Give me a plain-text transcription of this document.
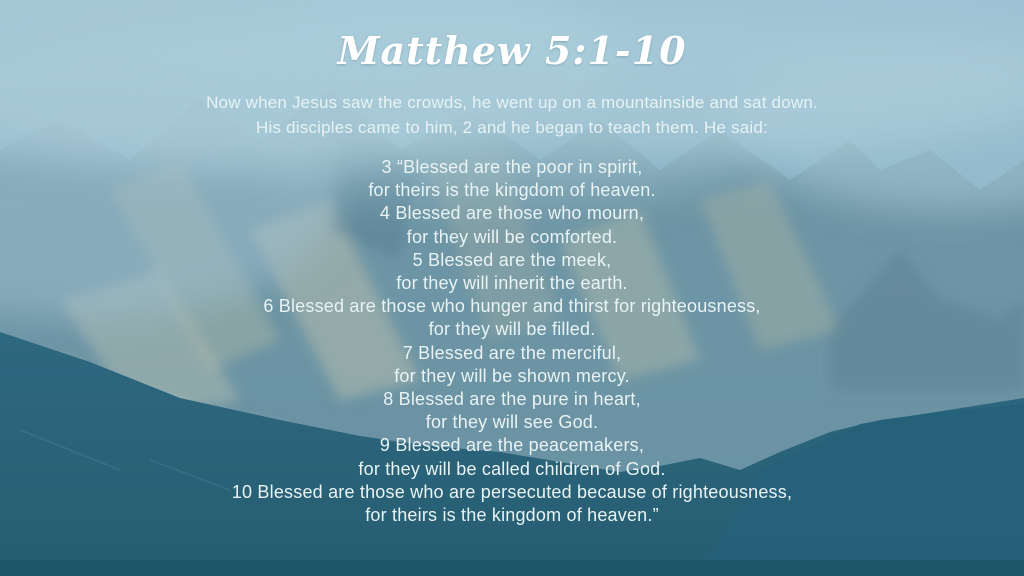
Matthew 5:1-10
Now when Jesus saw the crowds, he went up on a mountainside and sat down.
His disciples came to him, 2 and he began to teach them. He said:
3 “Blessed are the poor in spirit,
for theirs is the kingdom of heaven.
4 Blessed are those who mourn,
for they will be comforted.
5 Blessed are the meek,
for they will inherit the earth.
6 Blessed are those who hunger and thirst for righteousness,
for they will be filled.
7 Blessed are the merciful,
for they will be shown mercy.
8 Blessed are the pure in heart,
for they will see God.
9 Blessed are the peacemakers,
for they will be called children of God.
10 Blessed are those who are persecuted because of righteousness,
for theirs is the kingdom of heaven.”
